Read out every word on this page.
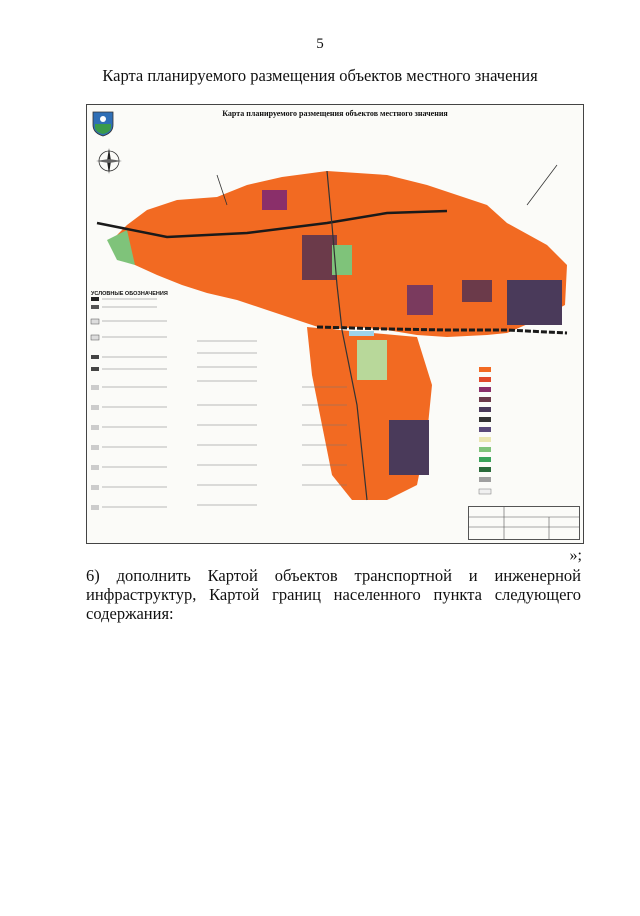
5
Карта планируемого размещения объектов местного значения
Карта планируемого размещения объектов местного значения
УСЛОВНЫЕ ОБОЗНАЧЕНИЯ
»;
6) дополнить Картой объектов транспортной и инженерной
инфраструктур, Картой границ населенного пункта следующего
содержания:
